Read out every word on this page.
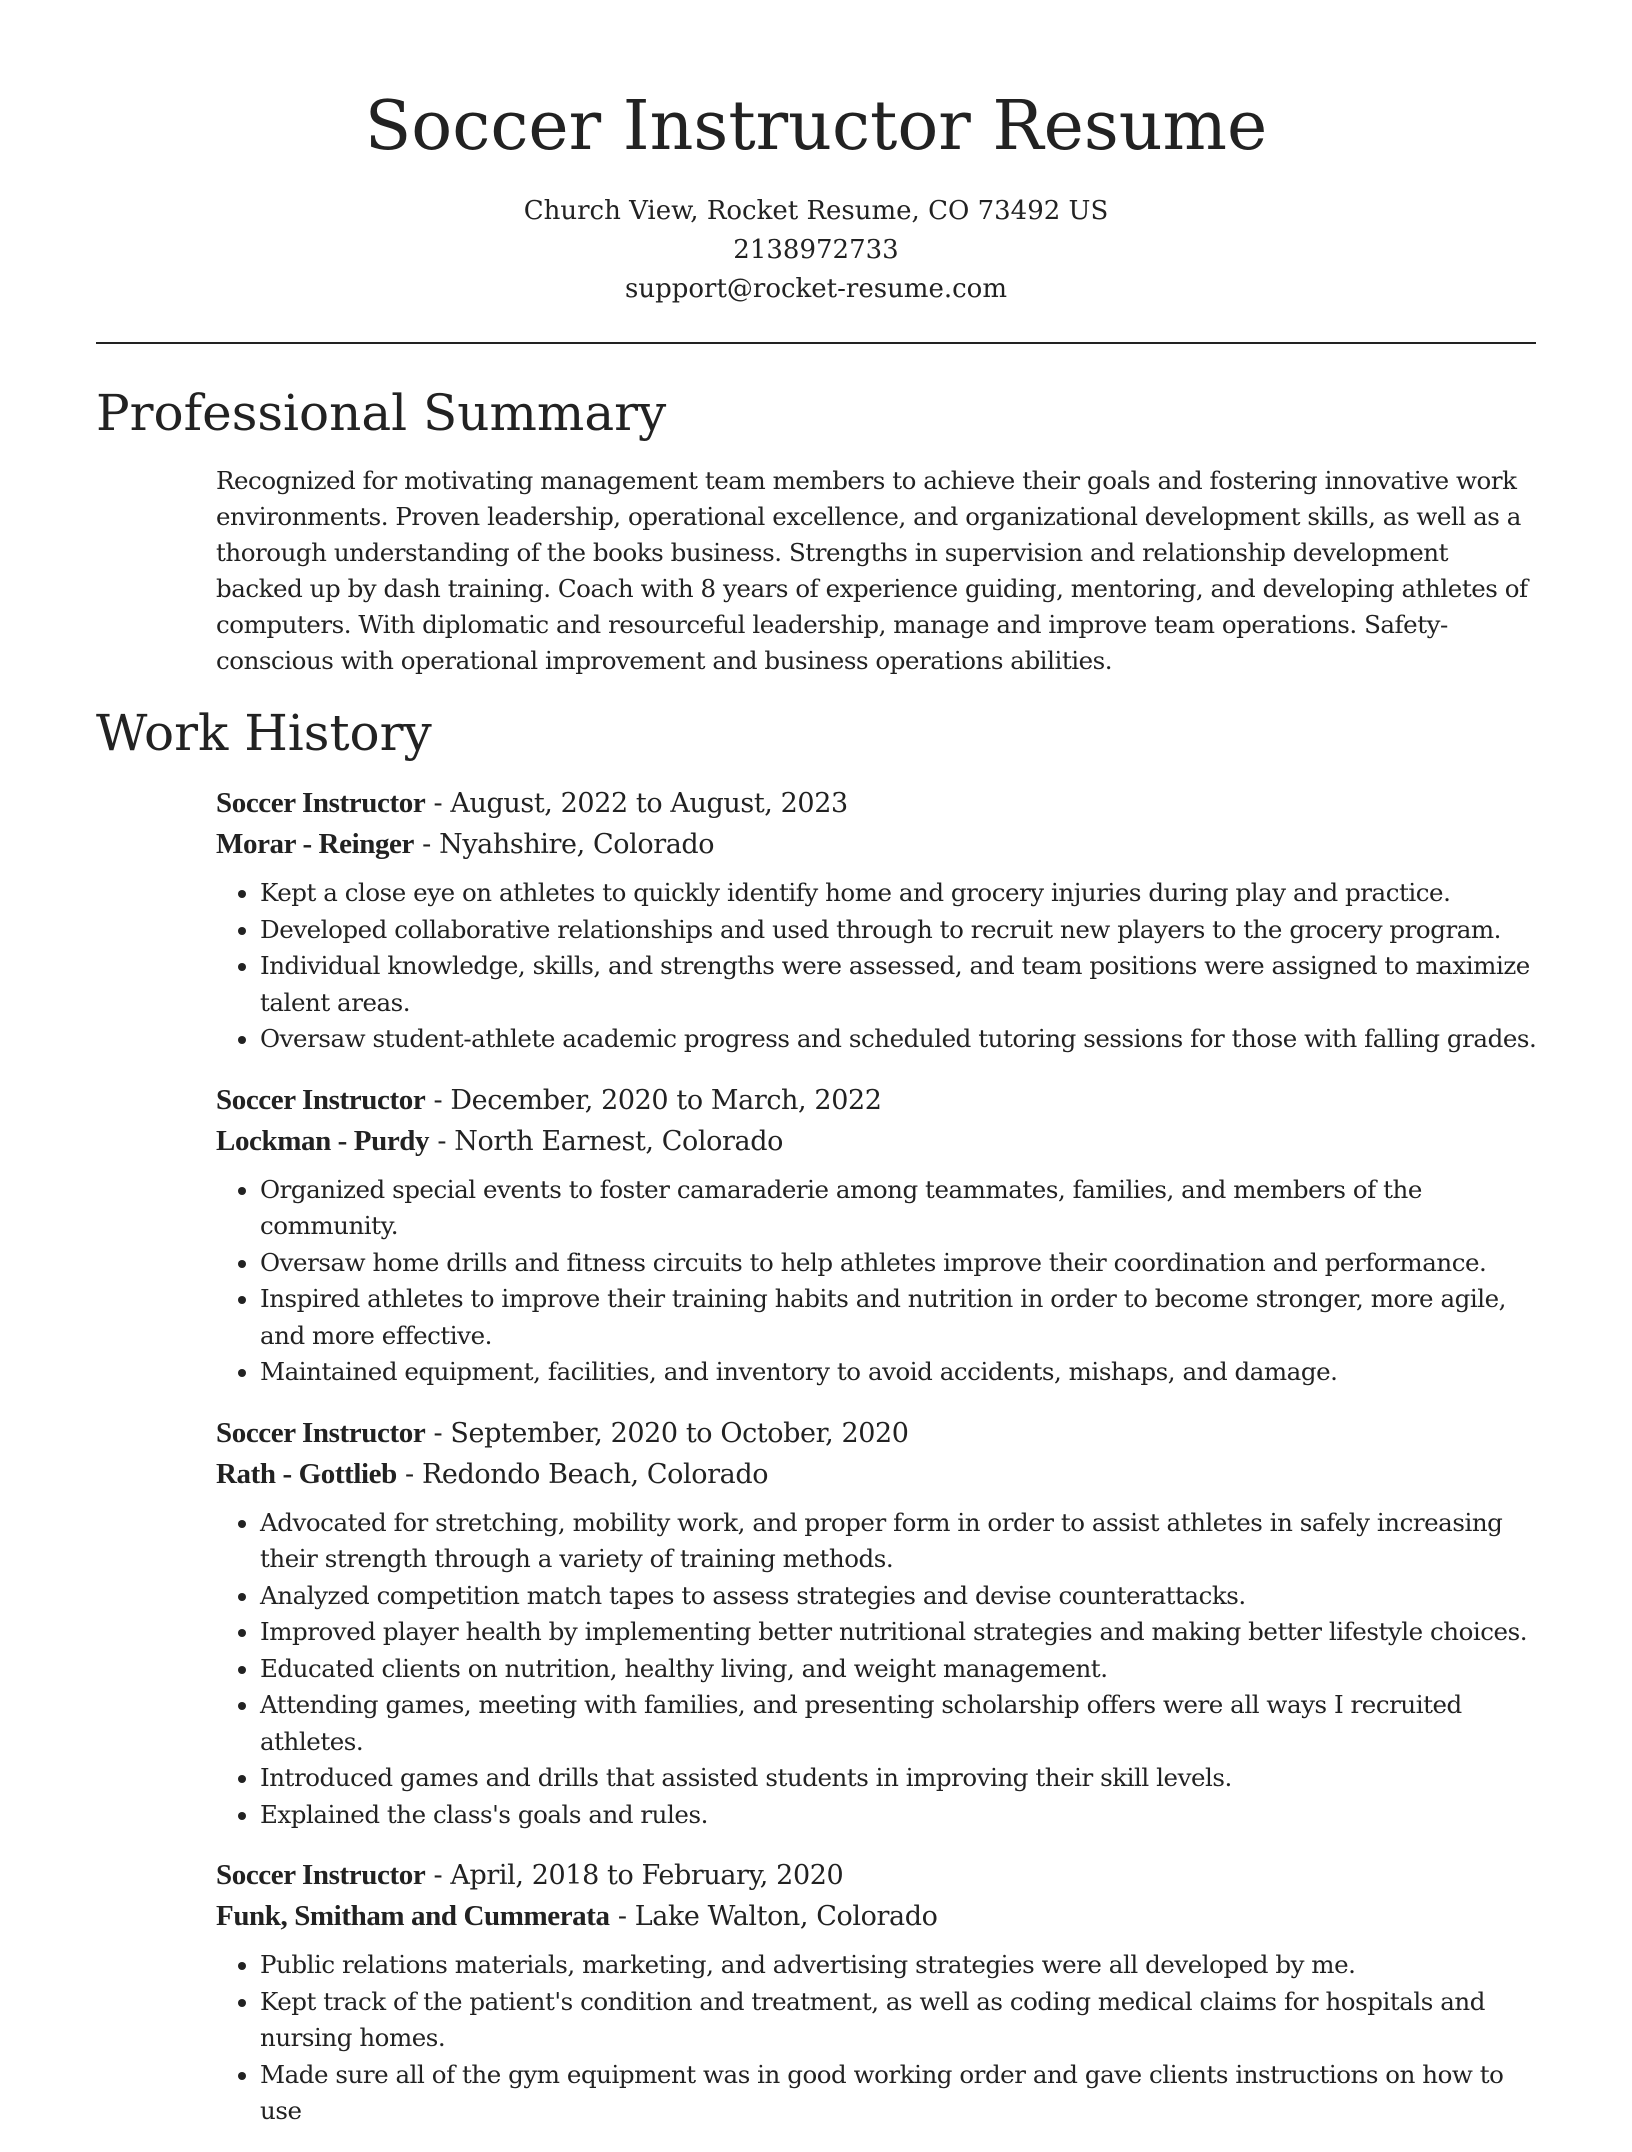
Soccer Instructor Resume
Church View, Rocket Resume, CO 73492 US
2138972733
support@rocket-resume.com
Professional Summary

Recognized for motivating management team members to achieve their goals and fostering innovative work environments. Proven leadership, operational excellence, and organizational development skills, as well as a thorough understanding of the books business. Strengths in supervision and relationship development backed up by dash training. Coach with 8 years of experience guiding, mentoring, and developing athletes of computers. With diplomatic and resourceful leadership, manage and improve team operations. Safety-conscious with operational improvement and business operations abilities.

Work History
Soccer Instructor - August, 2022 to August, 2023
Morar - Reinger - Nyahshire, Colorado
• Kept a close eye on athletes to quickly identify home and grocery injuries during play and practice.
• Developed collaborative relationships and used through to recruit new players to the grocery program.
• Individual knowledge, skills, and strengths were assessed, and team positions were assigned to maximize talent areas.
• Oversaw student-athlete academic progress and scheduled tutoring sessions for those with falling grades.
Soccer Instructor - December, 2020 to March, 2022
Lockman - Purdy - North Earnest, Colorado
• Organized special events to foster camaraderie among teammates, families, and members of the community.
• Oversaw home drills and fitness circuits to help athletes improve their coordination and performance.
• Inspired athletes to improve their training habits and nutrition in order to become stronger, more agile, and more effective.
• Maintained equipment, facilities, and inventory to avoid accidents, mishaps, and damage.
Soccer Instructor - September, 2020 to October, 2020
Rath - Gottlieb - Redondo Beach, Colorado
• Advocated for stretching, mobility work, and proper form in order to assist athletes in safely increasing their strength through a variety of training methods.
• Analyzed competition match tapes to assess strategies and devise counterattacks.
• Improved player health by implementing better nutritional strategies and making better lifestyle choices.
• Educated clients on nutrition, healthy living, and weight management.
• Attending games, meeting with families, and presenting scholarship offers were all ways I recruited athletes.
• Introduced games and drills that assisted students in improving their skill levels.
• Explained the class's goals and rules.
Soccer Instructor - April, 2018 to February, 2020
Funk, Smitham and Cummerata - Lake Walton, Colorado
• Public relations materials, marketing, and advertising strategies were all developed by me.
• Kept track of the patient's condition and treatment, as well as coding medical claims for hospitals and nursing homes.
• Made sure all of the gym equipment was in good working order and gave clients instructions on how to use
